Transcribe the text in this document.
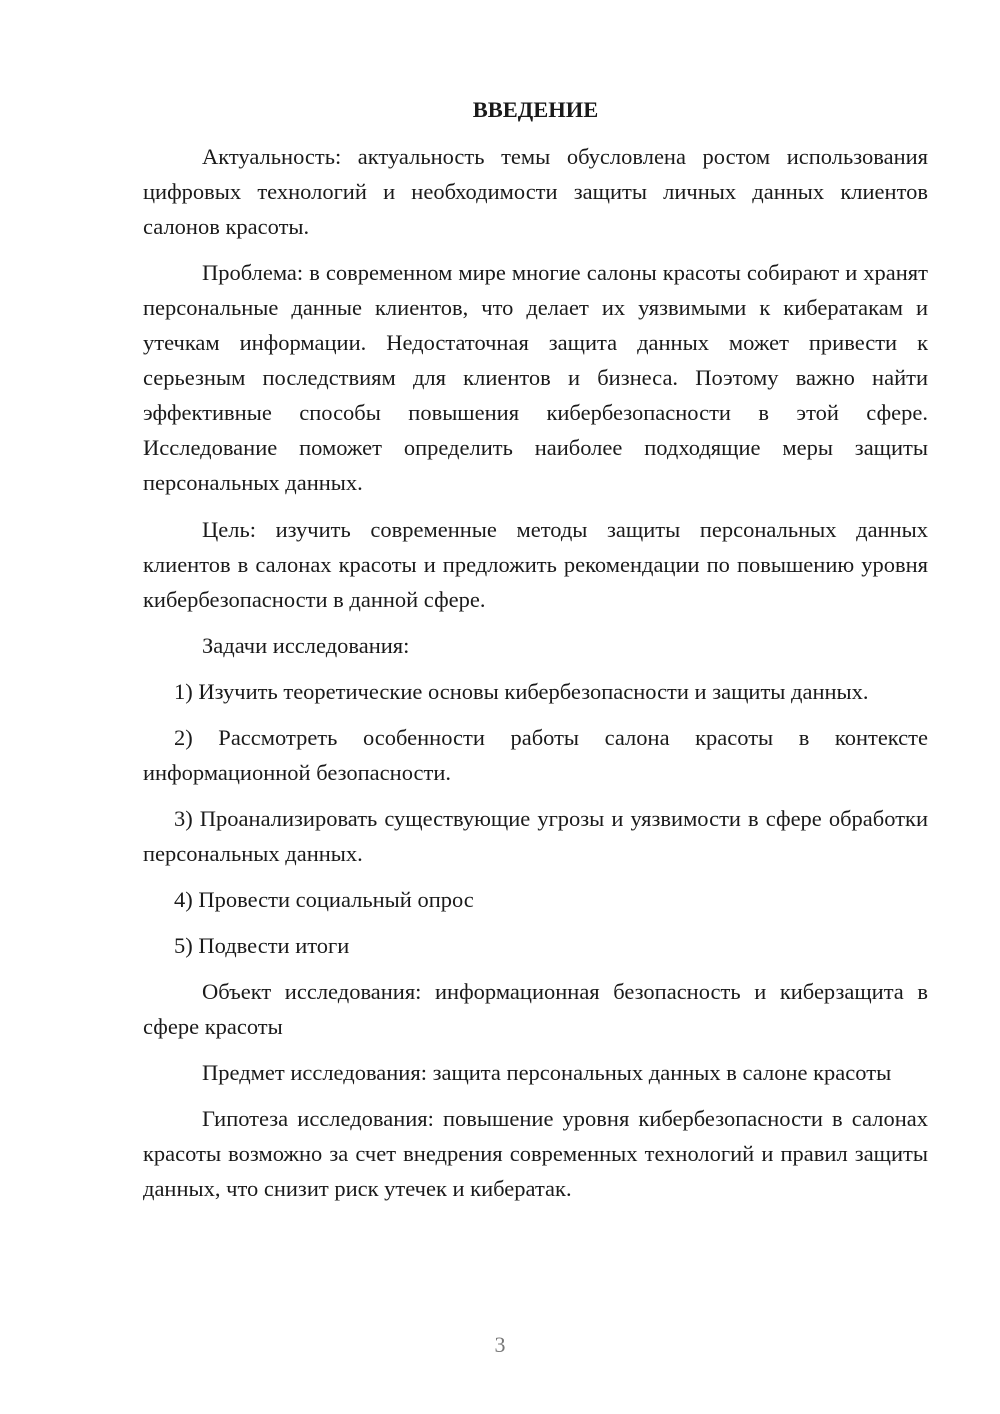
ВВЕДЕНИЕ

Актуальность: актуальность темы обусловлена ростом использования цифровых технологий и необходимости защиты личных данных клиентов салонов красоты.

Проблема: в современном мире многие салоны красоты собирают и хранят персональные данные клиентов, что делает их уязвимыми к кибератакам и утечкам информации. Недостаточная защита данных может привести к серьезным последствиям для клиентов и бизнеса. Поэтому важно найти эффективные способы повышения кибербезопасности в этой сфере. Исследование поможет определить наиболее подходящие меры защиты персональных данных.

Цель: изучить современные методы защиты персональных данных клиентов в салонах красоты и предложить рекомендации по повышению уровня кибербезопасности в данной сфере.

Задачи исследования:

1) Изучить теоретические основы кибербезопасности и защиты данных.

2) Рассмотреть особенности работы салона красоты в контексте информационной безопасности.

3) Проанализировать существующие угрозы и уязвимости в сфере обработки персональных данных.

4) Провести социальный опрос

5) Подвести итоги

Объект исследования: информационная безопасность и киберзащита в сфере красоты

Предмет исследования: защита персональных данных в салоне красоты

Гипотеза исследования: повышение уровня кибербезопасности в салонах красоты возможно за счет внедрения современных технологий и правил защиты данных, что снизит риск утечек и кибератак.

3
